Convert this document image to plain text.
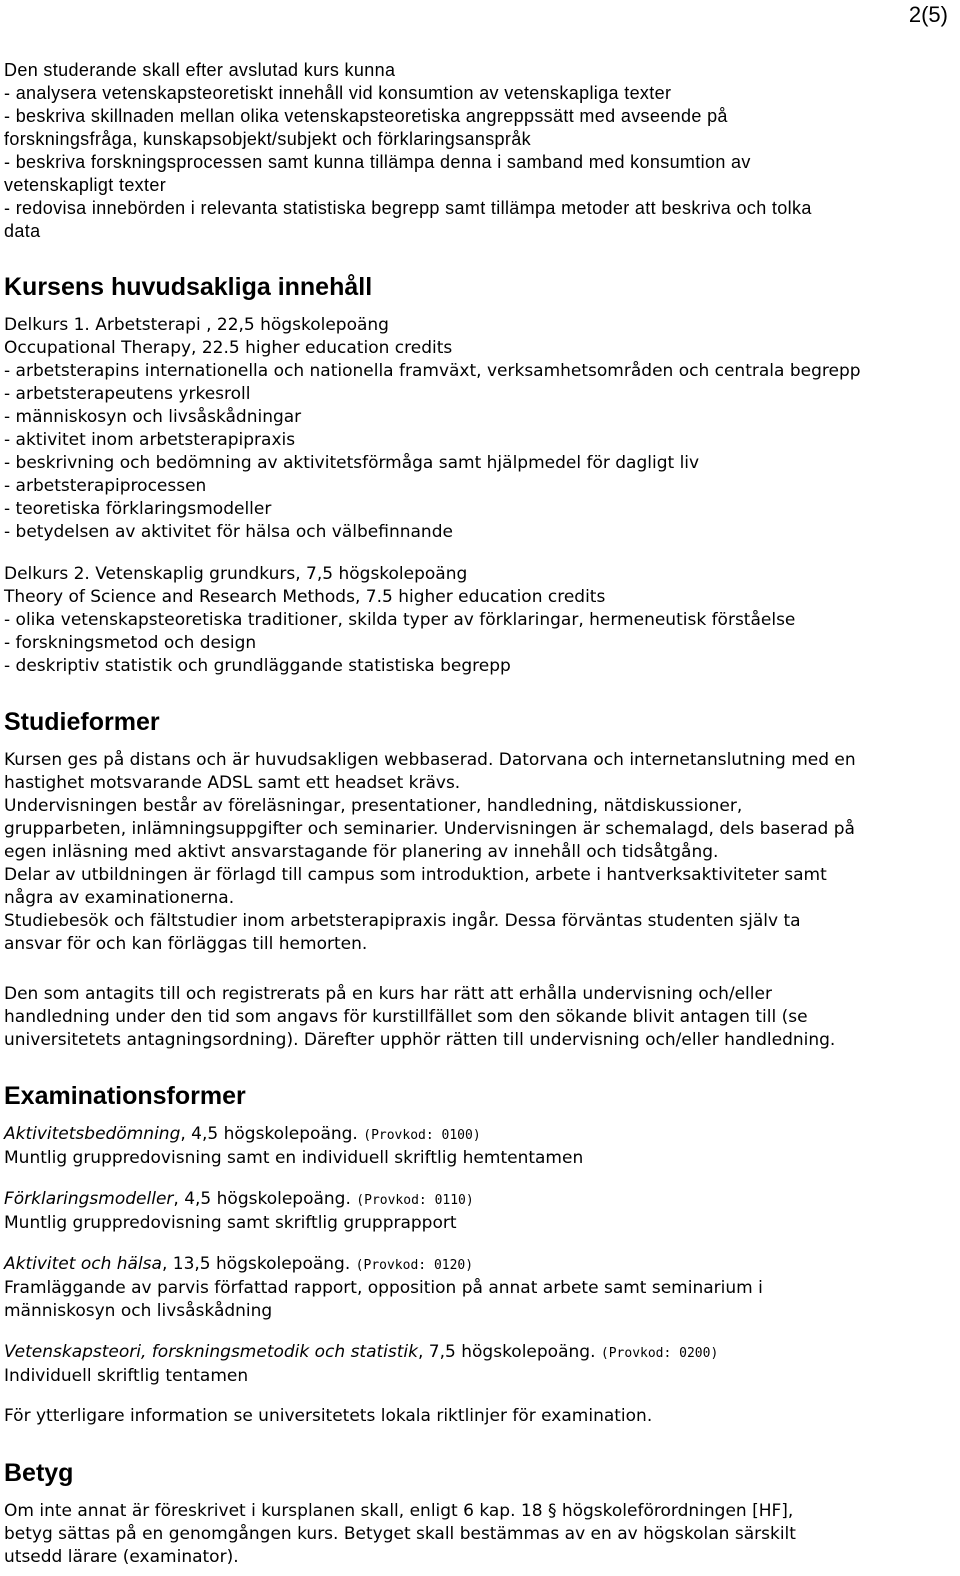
2(5)
Den studerande skall efter avslutad kurs kunna
- analysera vetenskapsteoretiskt innehåll vid konsumtion av vetenskapliga texter
- beskriva skillnaden mellan olika vetenskapsteoretiska angreppssätt med avseende på
forskningsfråga, kunskapsobjekt/subjekt och förklaringsanspråk
- beskriva forskningsprocessen samt kunna tillämpa denna i samband med konsumtion av
vetenskapligt texter
- redovisa innebörden i relevanta statistiska begrepp samt tillämpa metoder att beskriva och tolka
data
Kursens huvudsakliga innehåll
Delkurs 1. Arbetsterapi , 22,5 högskolepoäng
Occupational Therapy, 22.5 higher education credits
- arbetsterapins internationella och nationella framväxt, verksamhetsområden och centrala begrepp
- arbetsterapeutens yrkesroll
- människosyn och livsåskådningar
- aktivitet inom arbetsterapipraxis
- beskrivning och bedömning av aktivitetsförmåga samt hjälpmedel för dagligt liv
- arbetsterapiprocessen
- teoretiska förklaringsmodeller
- betydelsen av aktivitet för hälsa och välbefinnande
Delkurs 2. Vetenskaplig grundkurs, 7,5 högskolepoäng
Theory of Science and Research Methods, 7.5 higher education credits
- olika vetenskapsteoretiska traditioner, skilda typer av förklaringar, hermeneutisk förståelse
- forskningsmetod och design
- deskriptiv statistik och grundläggande statistiska begrepp
Studieformer
Kursen ges på distans och är huvudsakligen webbaserad. Datorvana och internetanslutning med en
hastighet motsvarande ADSL samt ett headset krävs.
Undervisningen består av föreläsningar, presentationer, handledning, nätdiskussioner,
grupparbeten, inlämningsuppgifter och seminarier. Undervisningen är schemalagd, dels baserad på
egen inläsning med aktivt ansvarstagande för planering av innehåll och tidsåtgång.
Delar av utbildningen är förlagd till campus som introduktion, arbete i hantverksaktiviteter samt
några av examinationerna.
Studiebesök och fältstudier inom arbetsterapipraxis ingår. Dessa förväntas studenten själv ta
ansvar för och kan förläggas till hemorten.
Den som antagits till och registrerats på en kurs har rätt att erhålla undervisning och/eller
handledning under den tid som angavs för kurstillfället som den sökande blivit antagen till (se
universitetets antagningsordning). Därefter upphör rätten till undervisning och/eller handledning.
Examinationsformer
Aktivitetsbedömning, 4,5 högskolepoäng. (Provkod: 0100)
Muntlig gruppredovisning samt en individuell skriftlig hemtentamen
Förklaringsmodeller, 4,5 högskolepoäng. (Provkod: 0110)
Muntlig gruppredovisning samt skriftlig grupprapport
Aktivitet och hälsa, 13,5 högskolepoäng. (Provkod: 0120)
Framläggande av parvis författad rapport, opposition på annat arbete samt seminarium i
människosyn och livsåskådning
Vetenskapsteori, forskningsmetodik och statistik, 7,5 högskolepoäng. (Provkod: 0200)
Individuell skriftlig tentamen
För ytterligare information se universitetets lokala riktlinjer för examination.
Betyg
Om inte annat är föreskrivet i kursplanen skall, enligt 6 kap. 18 § högskoleförordningen [HF],
betyg sättas på en genomgången kurs. Betyget skall bestämmas av en av högskolan särskilt
utsedd lärare (examinator).
